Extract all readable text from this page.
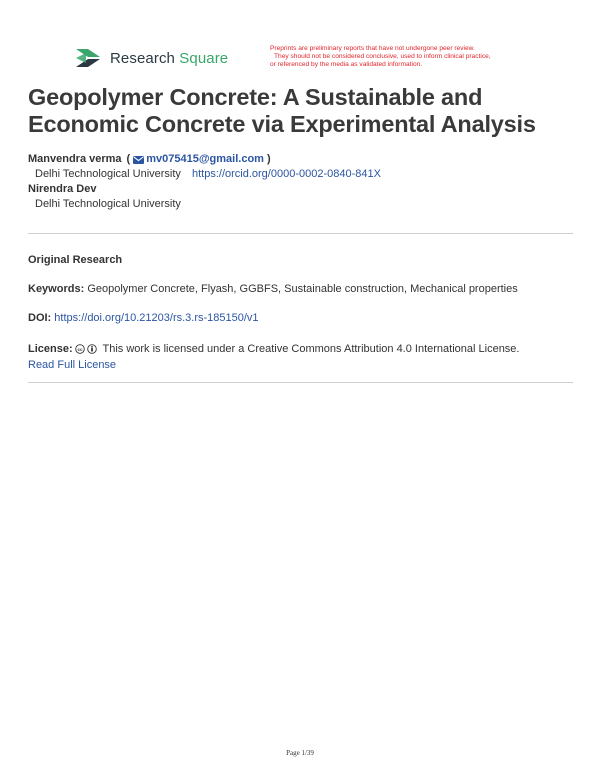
Research Square
Preprints are preliminary reports that have not undergone peer review.
They should not be considered conclusive, used to inform clinical practice,
or referenced by the media as validated information.
Geopolymer Concrete: A Sustainable and Economic Concrete via Experimental Analysis
Manvendra verma ( mv075415@gmail.com )
Delhi Technological University https://orcid.org/0000-0002-0840-841X
Nirendra Dev
Delhi Technological University
Original Research
Keywords: Geopolymer Concrete, Flyash, GGBFS, Sustainable construction, Mechanical properties
DOI: https://doi.org/10.21203/rs.3.rs-185150/v1
License: cc This work is licensed under a Creative Commons Attribution 4.0 International License.
Read Full License
Page 1/39
